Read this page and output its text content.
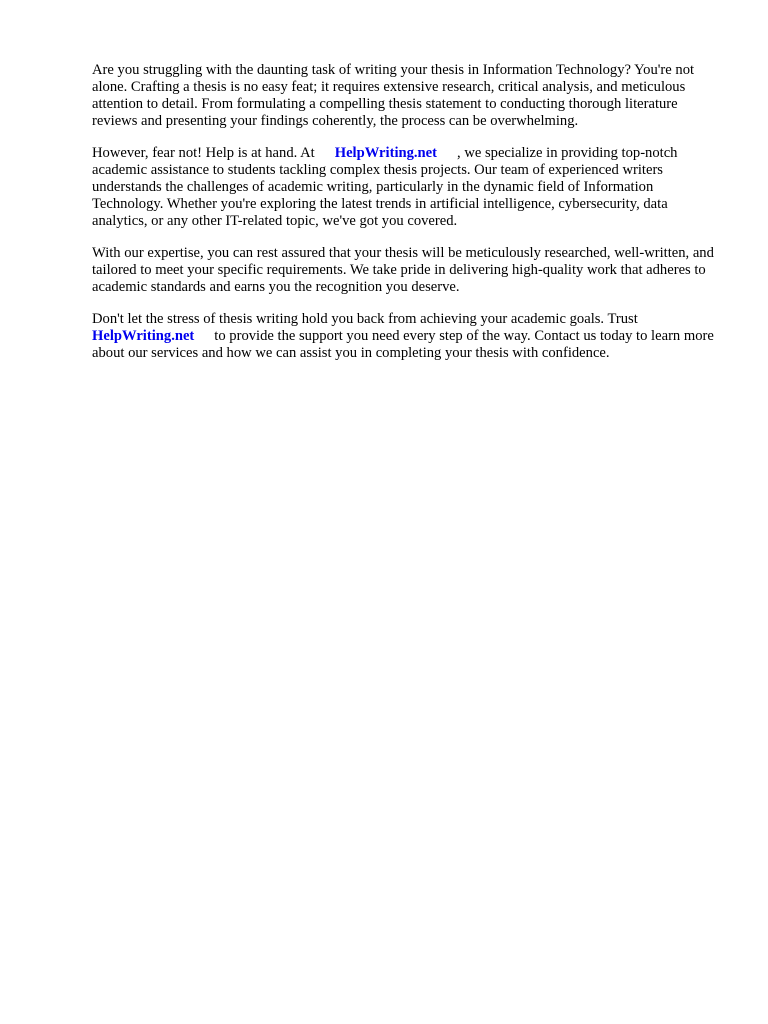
Are you struggling with the daunting task of writing your thesis in Information Technology? You're not alone. Crafting a thesis is no easy feat; it requires extensive research, critical analysis, and meticulous attention to detail. From formulating a compelling thesis statement to conducting thorough literature reviews and presenting your findings coherently, the process can be overwhelming.

However, fear not! Help is at hand. At HelpWriting.net , we specialize in providing top-notch academic assistance to students tackling complex thesis projects. Our team of experienced writers understands the challenges of academic writing, particularly in the dynamic field of Information Technology. Whether you're exploring the latest trends in artificial intelligence, cybersecurity, data analytics, or any other IT-related topic, we've got you covered.

With our expertise, you can rest assured that your thesis will be meticulously researched, well-written, and tailored to meet your specific requirements. We take pride in delivering high-quality work that adheres to academic standards and earns you the recognition you deserve.

Don't let the stress of thesis writing hold you back from achieving your academic goals. Trust HelpWriting.net to provide the support you need every step of the way. Contact us today to learn more about our services and how we can assist you in completing your thesis with confidence.
